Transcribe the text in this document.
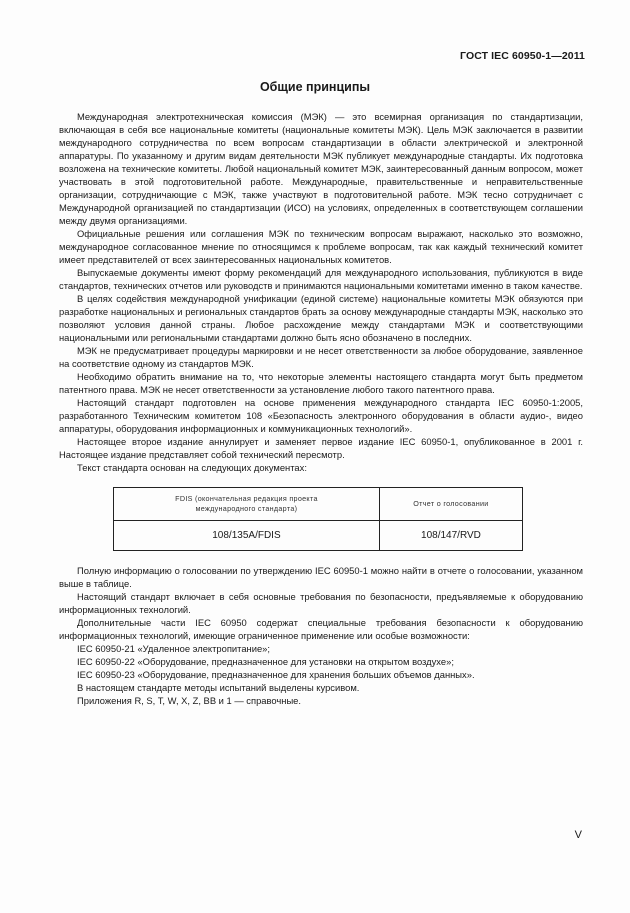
ГОСТ IEC 60950-1—2011
Общие принципы

Международная электротехническая комиссия (МЭК) — это всемирная организация по стандартизации, включающая в себя все национальные комитеты (национальные комитеты МЭК). Цель МЭК заключается в развитии международного сотрудничества по всем вопросам стандартизации в области электрической и электронной аппаратуры. По указанному и другим видам деятельности МЭК публикует международные стандарты. Их подготовка возложена на технические комитеты. Любой национальный комитет МЭК, заинтересованный данным вопросом, может участвовать в этой подготовительной работе. Международные, правительственные и неправительственные организации, сотрудничающие с МЭК, также участвуют в подготовительной работе. МЭК тесно сотрудничает с Международной организацией по стандартизации (ИСО) на условиях, определенных в соответствующем соглашении между двумя организациями.

Официальные решения или соглашения МЭК по техническим вопросам выражают, насколько это возможно, международное согласованное мнение по относящимся к проблеме вопросам, так как каждый технический комитет имеет представителей от всех заинтересованных национальных комитетов.

Выпускаемые документы имеют форму рекомендаций для международного использования, публикуются в виде стандартов, технических отчетов или руководств и принимаются национальными комитетами именно в таком качестве.

В целях содействия международной унификации (единой системе) национальные комитеты МЭК обязуются при разработке национальных и региональных стандартов брать за основу международные стандарты МЭК, насколько это позволяют условия данной страны. Любое расхождение между стандартами МЭК и соответствующими национальными или региональными стандартами должно быть ясно обозначено в последних.

МЭК не предусматривает процедуры маркировки и не несет ответственности за любое оборудование, заявленное на соответствие одному из стандартов МЭК.

Необходимо обратить внимание на то, что некоторые элементы настоящего стандарта могут быть предметом патентного права. МЭК не несет ответственности за установление любого такого патентного права.

Настоящий стандарт подготовлен на основе применения международного стандарта IEC 60950-1:2005, разработанного Техническим комитетом 108 «Безопасность электронного оборудования в области аудио-, видео аппаратуры, оборудования информационных и коммуникационных технологий».

Настоящее второе издание аннулирует и заменяет первое издание IEC 60950-1, опубликованное в 2001 г. Настоящее издание представляет собой технический пересмотр.

Текст стандарта основан на следующих документах:

FDIS (окончательная редакция проекта
международного стандарта)	Отчет о голосовании
108/135A/FDIS	108/147/RVD

Полную информацию о голосовании по утверждению IEC 60950-1 можно найти в отчете о голосовании, указанном выше в таблице.

Настоящий стандарт включает в себя основные требования по безопасности, предъявляемые к оборудованию информационных технологий.

Дополнительные части IEC 60950 содержат специальные требования безопасности к оборудованию информационных технологий, имеющие ограниченное применение или особые возможности:

IEC 60950-21 «Удаленное электропитание»;

IEC 60950-22 «Оборудование, предназначенное для установки на открытом воздухе»;

IEC 60950-23 «Оборудование, предназначенное для хранения больших объемов данных».

В настоящем стандарте методы испытаний выделены курсивом.

Приложения R, S, T, W, X, Z, BB и 1 — справочные.

V
